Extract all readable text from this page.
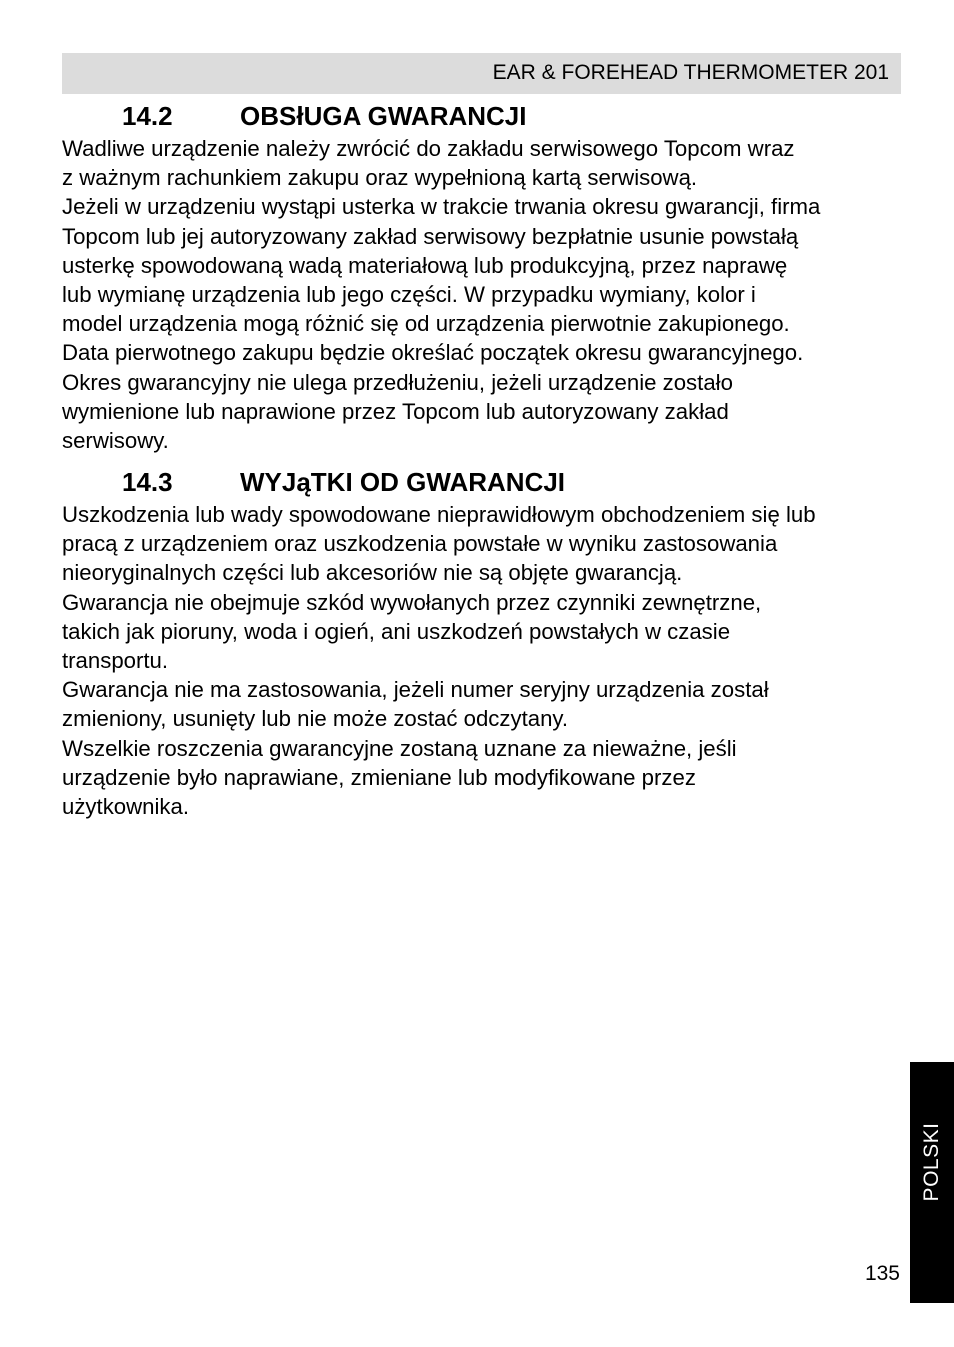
EAR & FOREHEAD THERMOMETER 201
14.2	OBSłUGA GWARANCJI
Wadliwe urządzenie należy zwrócić do zakładu serwisowego Topcom wraz
z ważnym rachunkiem zakupu oraz wypełnioną kartą serwisową.
Jeżeli w urządzeniu wystąpi usterka w trakcie trwania okresu gwarancji, firma
Topcom lub jej autoryzowany zakład serwisowy bezpłatnie usunie powstałą
usterkę spowodowaną wadą materiałową lub produkcyjną, przez naprawę
lub wymianę urządzenia lub jego części. W przypadku wymiany, kolor i
model urządzenia mogą różnić się od urządzenia pierwotnie zakupionego.
Data pierwotnego zakupu będzie określać początek okresu gwarancyjnego.
Okres gwarancyjny nie ulega przedłużeniu, jeżeli urządzenie zostało
wymienione lub naprawione przez Topcom lub autoryzowany zakład
serwisowy.
14.3	WYJąTKI OD GWARANCJI
Uszkodzenia lub wady spowodowane nieprawidłowym obchodzeniem się lub
pracą z urządzeniem oraz uszkodzenia powstałe w wyniku zastosowania
nieoryginalnych części lub akcesoriów nie są objęte gwarancją.
Gwarancja nie obejmuje szkód wywołanych przez czynniki zewnętrzne,
takich jak pioruny, woda i ogień, ani uszkodzeń powstałych w czasie
transportu.
Gwarancja nie ma zastosowania, jeżeli numer seryjny urządzenia został
zmieniony, usunięty lub nie może zostać odczytany.
Wszelkie roszczenia gwarancyjne zostaną uznane za nieważne, jeśli
urządzenie było naprawiane, zmieniane lub modyfikowane przez
użytkownika.
POLSKI
135
